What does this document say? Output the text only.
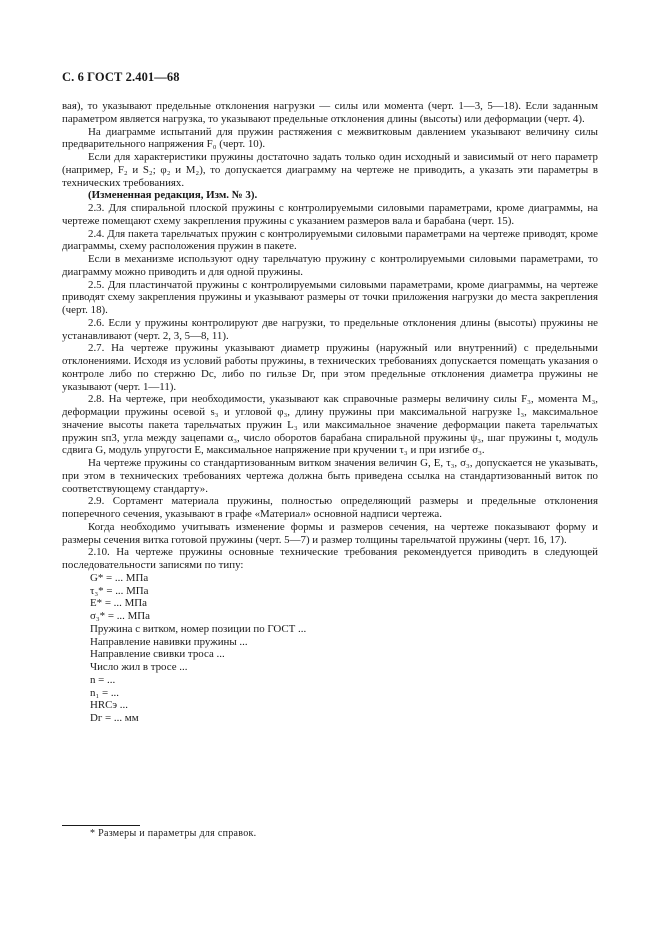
С. 6 ГОСТ 2.401—68

вая), то указывают предельные отклонения нагрузки — силы или момента (черт. 1—3, 5—18). Если заданным параметром является нагрузка, то указывают предельные отклонения длины (высоты) или деформации (черт. 4).

На диаграмме испытаний для пружин растяжения с межвитковым давлением указывают величину силы предварительного напряжения F₀ (черт. 10).

Если для характеристики пружины достаточно задать только один исходный и зависимый от него параметр (например, F₂ и S₂; φ₂ и M₂), то допускается диаграмму на чертеже не приводить, а указать эти параметры в технических требованиях.

(Измененная редакция, Изм. № 3).

2.3. Для спиральной плоской пружины с контролируемыми силовыми параметрами, кроме диаграммы, на чертеже помещают схему закрепления пружины с указанием размеров вала и барабана (черт. 15).

2.4. Для пакета тарельчатых пружин с контролируемыми силовыми параметрами на чертеже приводят, кроме диаграммы, схему расположения пружин в пакете.

Если в механизме используют одну тарельчатую пружину с контролируемыми силовыми параметрами, то диаграмму можно приводить и для одной пружины.

2.5. Для пластинчатой пружины с контролируемыми силовыми параметрами, кроме диаграммы, на чертеже приводят схему закрепления пружины и указывают размеры от точки приложения нагрузки до места закрепления (черт. 18).

2.6. Если у пружины контролируют две нагрузки, то предельные отклонения длины (высоты) пружины не устанавливают (черт. 2, 3, 5—8, 11).

2.7. На чертеже пружины указывают диаметр пружины (наружный или внутренний) с предельными отклонениями. Исходя из условий работы пружины, в технических требованиях допускается помещать указания о контроле либо по стержню Dс, либо по гильзе Dг, при этом предельные отклонения диаметра пружины не указывают (черт. 1—11).

2.8. На чертеже, при необходимости, указывают как справочные размеры величину силы F₃, момента M₃, деформации пружины осевой s₃ и угловой φ₃, длину пружины при максимальной нагрузке l₃, максимальное значение высоты пакета тарельчатых пружин L₃ или максимальное значение деформации пакета тарельчатых пружин sп3, угла между зацепами α₃, число оборотов барабана спиральной пружины ψ₃, шаг пружины t, модуль сдвига G, модуль упругости E, максимальное напряжение при кручении τ₃ и при изгибе σ₃.

На чертеже пружины со стандартизованным витком значения величин G, E, τ₃, σ₃, допускается не указывать, при этом в технических требованиях чертежа должна быть приведена ссылка на стандартизованный виток по соответствующему стандарту».

2.9. Сортамент материала пружины, полностью определяющий размеры и предельные отклонения поперечного сечения, указывают в графе «Материал» основной надписи чертежа.

Когда необходимо учитывать изменение формы и размеров сечения, на чертеже показывают форму и размеры сечения витка готовой пружины (черт. 5—7) и размер толщины тарельчатой пружины (черт. 16, 17).

2.10. На чертеже пружины основные технические требования рекомендуется приводить в следующей последовательности записями по типу:

G* = ... МПа
τ₃* = ... МПа
E* = ... МПа
σ₃* = ... МПа
Пружина с витком, номер позиции по ГОСТ ...
Направление навивки пружины ...
Направление свивки троса ...
Число жил в тросе ...
n = ...
n₁ = ...
HRCэ ...
Dг = ... мм
* Размеры и параметры для справок.
